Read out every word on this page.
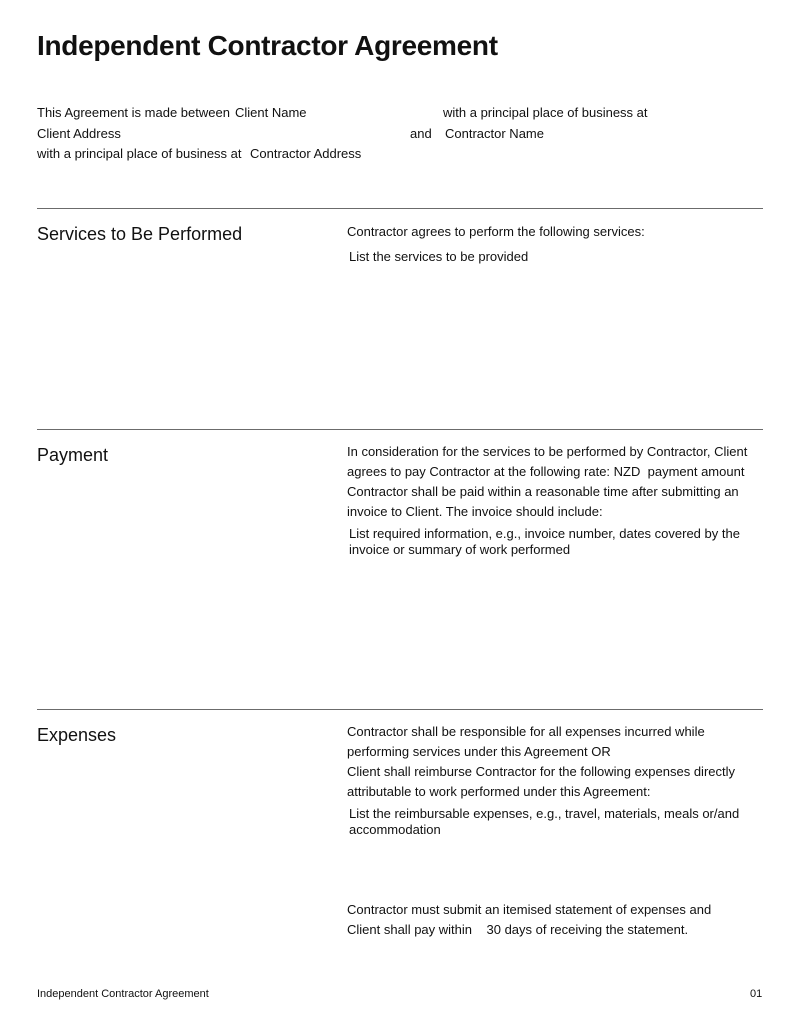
Independent Contractor Agreement
This Agreement is made between Client Name	with a principal place of business at
Client Address	and Contractor Name
with a principal place of business at Contractor Address
Services to Be Performed	Contractor agrees to perform the following services:

List the services to be provided
Payment	In consideration for the services to be performed by Contractor, Client

agrees to pay Contractor at the following rate: NZD payment amount

Contractor shall be paid within a reasonable time after submitting an

invoice to Client. The invoice should include:

List required information, e.g., invoice number, dates covered by the invoice or summary of work performed
Expenses	Contractor shall be responsible for all expenses incurred while

performing services under this Agreement OR

Client shall reimburse Contractor for the following expenses directly

attributable to work performed under this Agreement:

List the reimbursable expenses, e.g., travel, materials, meals or/and accommodation

Contractor must submit an itemised statement of expenses and

Client shall pay within 30 days of receiving the statement.

Independent Contractor Agreement	01
